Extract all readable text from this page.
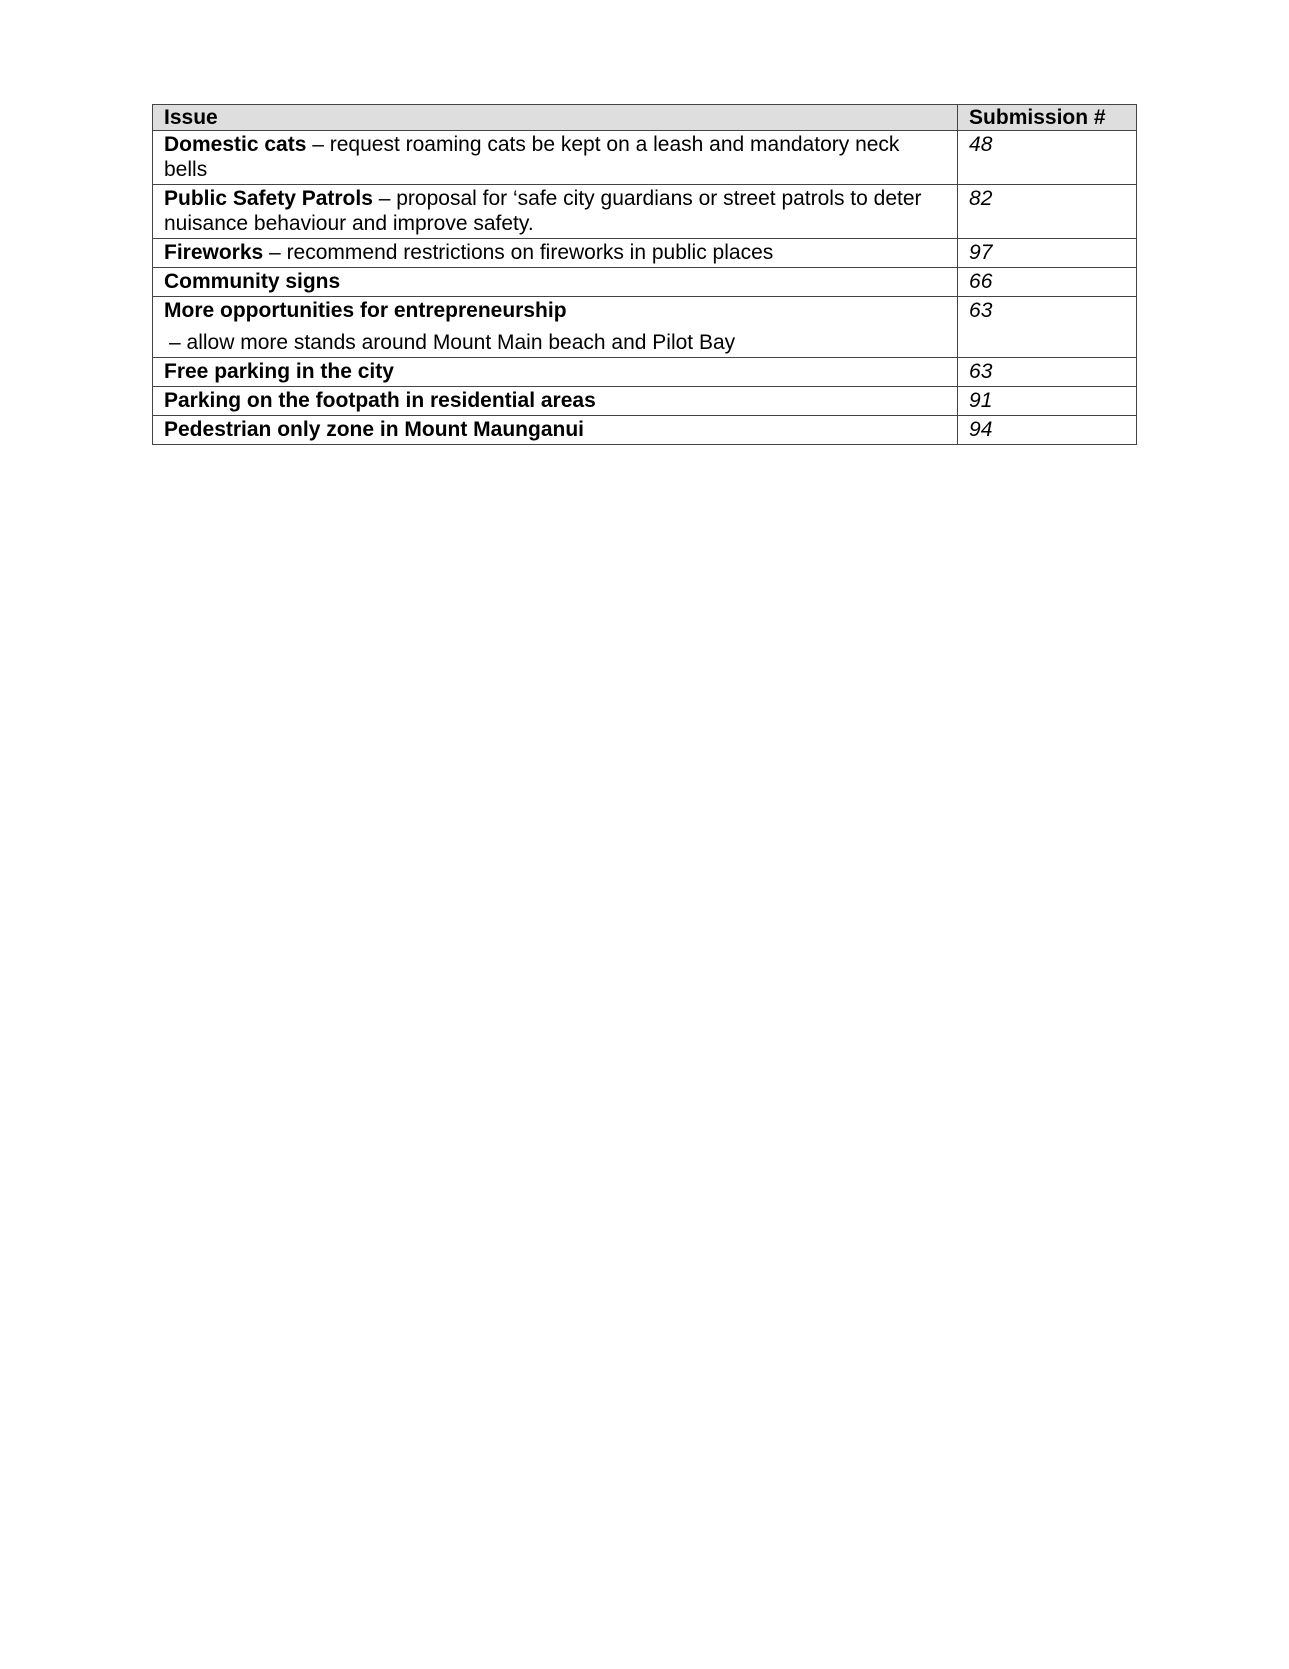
Issue	Submission #
Domestic cats – request roaming cats be kept on a leash and mandatory neck bells	48
Public Safety Patrols – proposal for ‘safe city guardians or street patrols to deter nuisance behaviour and improve safety.	82
Fireworks – recommend restrictions on fireworks in public places	97
Community signs	66
More opportunities for entrepreneurship
– allow more stands around Mount Main beach and Pilot Bay	63
Free parking in the city	63
Parking on the footpath in residential areas	91
Pedestrian only zone in Mount Maunganui	94
